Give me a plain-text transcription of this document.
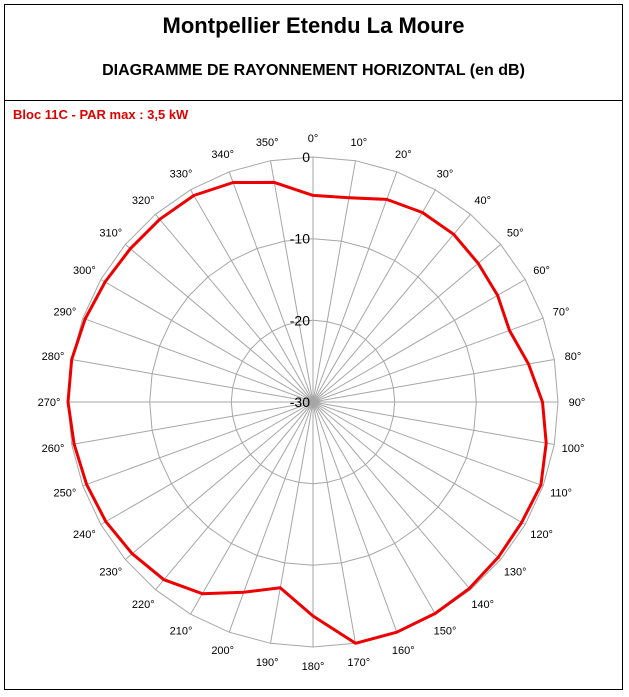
Montpellier Etendu La Moure
DIAGRAMME DE RAYONNEMENT HORIZONTAL (en dB)
Bloc 11C - PAR max : 3,5 kW
0°	10°
20°
30°
40°
50°
60°
70°
80°
90°
100°
110°
120°
130°
140°
150°
160°
170°
180°
190°
200°
210°
220°
230°
240°
250°
260°
270°
280°
290°
300°
310°
320°
330°
340°
350°
0
-10
-20
-30
